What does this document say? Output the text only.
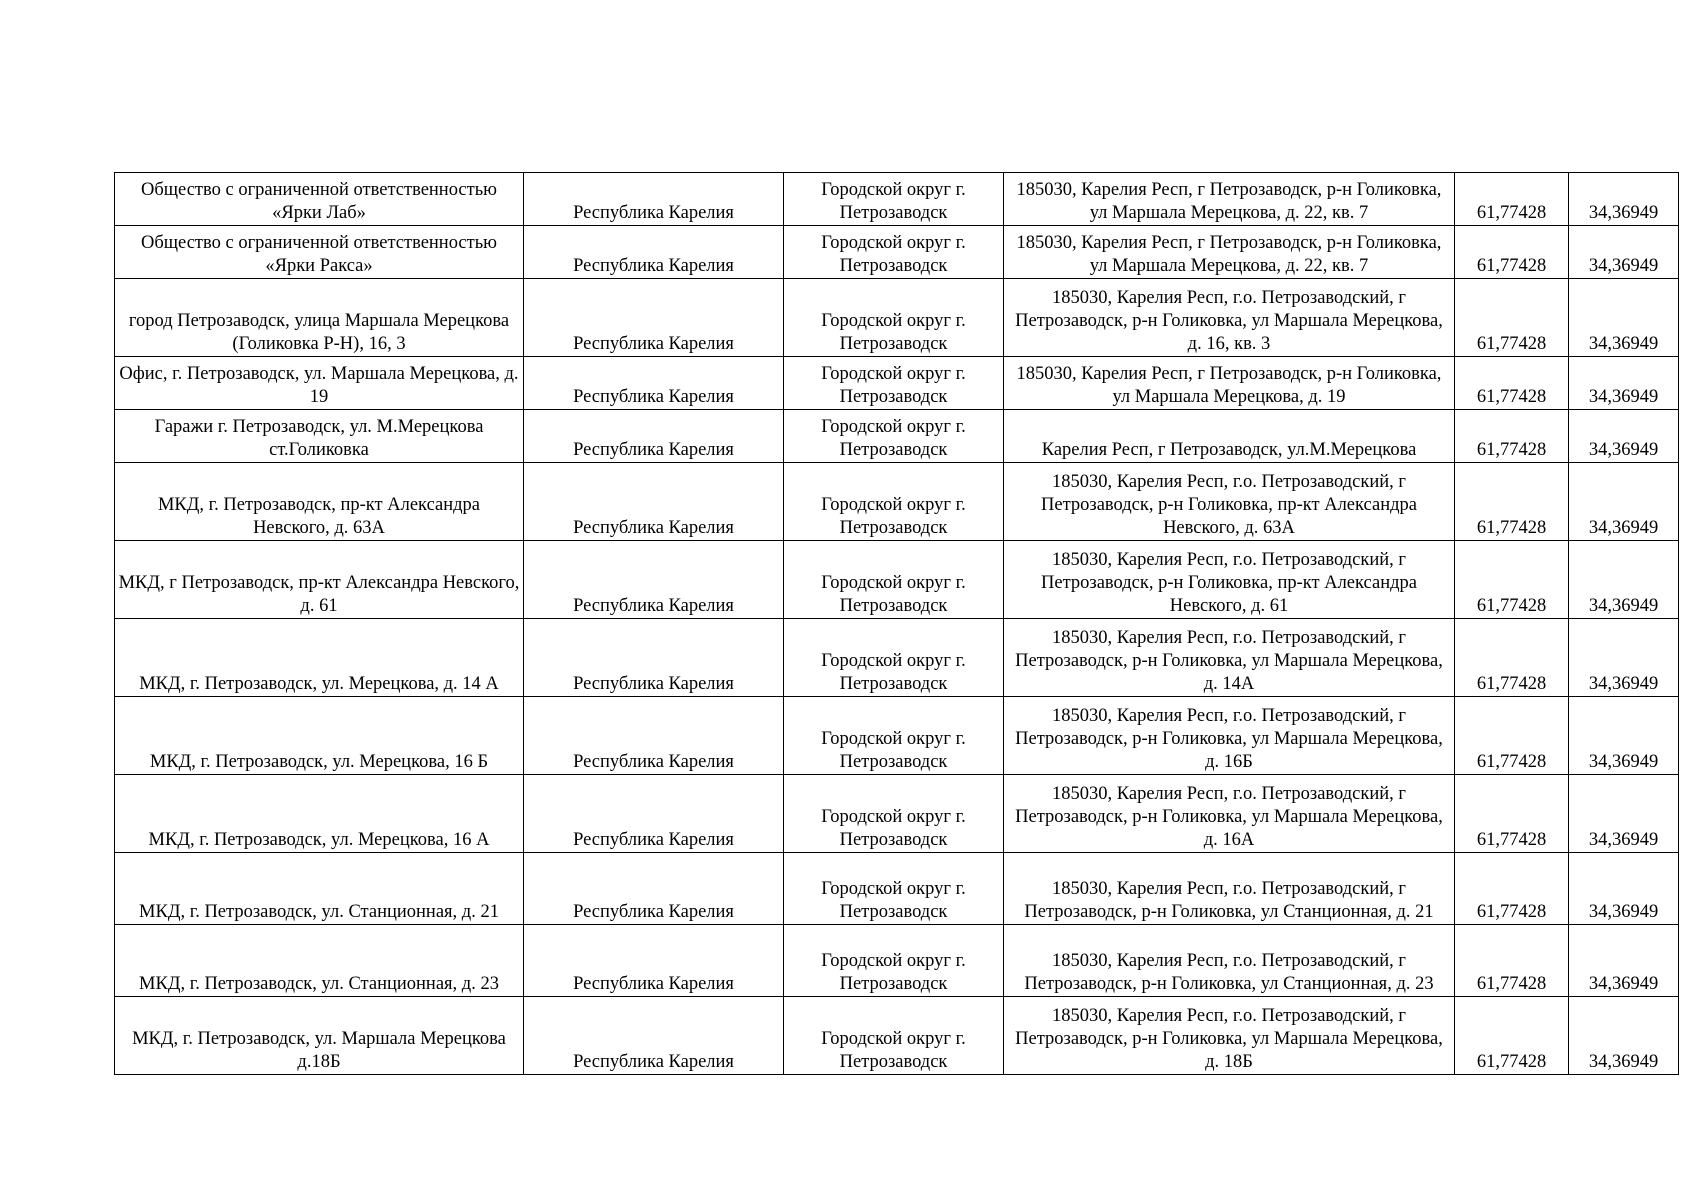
Общество с ограниченной ответственностью «Ярки Лаб»	Республика Карелия	Городской округ г. Петрозаводск	185030, Карелия Респ, г Петрозаводск, р-н Голиковка, ул Маршала Мерецкова, д. 22, кв. 7	61,77428	34,36949
Общество с ограниченной ответственностью «Ярки Ракса»	Республика Карелия	Городской округ г. Петрозаводск	185030, Карелия Респ, г Петрозаводск, р-н Голиковка, ул Маршала Мерецкова, д. 22, кв. 7	61,77428	34,36949
город Петрозаводск, улица Маршала Мерецкова (Голиковка Р-Н), 16, 3	Республика Карелия	Городской округ г. Петрозаводск	185030, Карелия Респ, г.о. Петрозаводский, г Петрозаводск, р-н Голиковка, ул Маршала Мерецкова, д. 16, кв. 3	61,77428	34,36949
Офис, г. Петрозаводск, ул. Маршала Мерецкова, д. 19	Республика Карелия	Городской округ г. Петрозаводск	185030, Карелия Респ, г Петрозаводск, р-н Голиковка, ул Маршала Мерецкова, д. 19	61,77428	34,36949
Гаражи г. Петрозаводск, ул. М.Мерецкова ст.Голиковка	Республика Карелия	Городской округ г. Петрозаводск	Карелия Респ, г Петрозаводск, ул.М.Мерецкова	61,77428	34,36949
МКД, г. Петрозаводск, пр-кт Александра Невского, д. 63А	Республика Карелия	Городской округ г. Петрозаводск	185030, Карелия Респ, г.о. Петрозаводский, г Петрозаводск, р-н Голиковка, пр-кт Александра Невского, д. 63А	61,77428	34,36949
МКД, г Петрозаводск, пр-кт Александра Невского, д. 61	Республика Карелия	Городской округ г. Петрозаводск	185030, Карелия Респ, г.о. Петрозаводский, г Петрозаводск, р-н Голиковка, пр-кт Александра Невского, д. 61	61,77428	34,36949
МКД, г. Петрозаводск, ул. Мерецкова, д. 14 А	Республика Карелия	Городской округ г. Петрозаводск	185030, Карелия Респ, г.о. Петрозаводский, г Петрозаводск, р-н Голиковка, ул Маршала Мерецкова, д. 14А	61,77428	34,36949
МКД, г. Петрозаводск, ул. Мерецкова, 16 Б	Республика Карелия	Городской округ г. Петрозаводск	185030, Карелия Респ, г.о. Петрозаводский, г Петрозаводск, р-н Голиковка, ул Маршала Мерецкова, д. 16Б	61,77428	34,36949
МКД, г. Петрозаводск, ул. Мерецкова, 16 А	Республика Карелия	Городской округ г. Петрозаводск	185030, Карелия Респ, г.о. Петрозаводский, г Петрозаводск, р-н Голиковка, ул Маршала Мерецкова, д. 16А	61,77428	34,36949
МКД, г. Петрозаводск, ул. Станционная, д. 21	Республика Карелия	Городской округ г. Петрозаводск	185030, Карелия Респ, г.о. Петрозаводский, г Петрозаводск, р-н Голиковка, ул Станционная, д. 21	61,77428	34,36949
МКД, г. Петрозаводск, ул. Станционная, д. 23	Республика Карелия	Городской округ г. Петрозаводск	185030, Карелия Респ, г.о. Петрозаводский, г Петрозаводск, р-н Голиковка, ул Станционная, д. 23	61,77428	34,36949
МКД, г. Петрозаводск, ул. Маршала Мерецкова д.18Б	Республика Карелия	Городской округ г. Петрозаводск	185030, Карелия Респ, г.о. Петрозаводский, г Петрозаводск, р-н Голиковка, ул Маршала Мерецкова, д. 18Б	61,77428	34,36949
